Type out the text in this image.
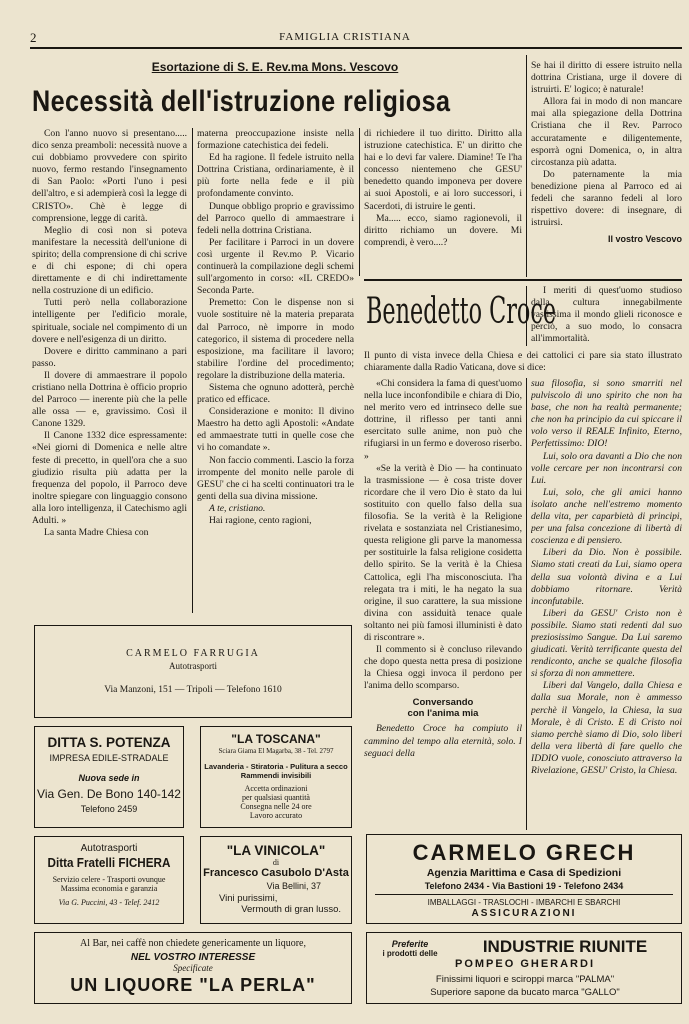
2	FAMIGLIA CRISTIANA
Esortazione di S. E. Rev.ma Mons. Vescovo
Necessità dell'istruzione religiosa

Con l'anno nuovo si presentano..... dico senza preamboli: necessità nuove a cui dobbiamo provvedere con spirito nuovo, fermo restando l'insegnamento di San Paolo: «Porti l'uno i pesi dell'altro, e si adempierà così la legge di CRISTO». Chè è legge di comprensione, legge di carità.

Meglio di così non si poteva manifestare la necessità dell'unione di spirito; della comprensione di chi scrive e di chi espone; di chi opera direttamente e di chi indirettamente nella costruzione di un edificio.

Tutti però nella collaborazione intelligente per l'edificio morale, spirituale, sociale nel compimento di un dovere e nell'esigenza di un diritto.

Dovere e diritto camminano a pari passo.

Il dovere di ammaestrare il popolo cristiano nella Dottrina è officio proprio del Parroco — inerente più che la pelle alle ossa — e, gravissimo. Così il Canone 1329.

Il Canone 1332 dice espressamente: «Nei giorni di Domenica e nelle altre feste di precetto, in quell'ora che a suo giudizio risulta più adatta per la frequenza del popolo, il Parroco deve inoltre spiegare con linguaggio consono alla loro intelligenza, il Catechismo agli Adulti. »

La santa Madre Chiesa con

materna preoccupazione insiste nella formazione catechistica dei fedeli.

Ed ha ragione. Il fedele istruito nella Dottrina Cristiana, ordinariamente, è il più forte nella fede e il più profondamente convinto.

Dunque obbligo proprio e gravissimo del Parroco quello di ammaestrare i fedeli nella dottrina Cristiana.

Per facilitare i Parroci in un dovere così urgente il Rev.mo P. Vicario continuerà la compilazione degli schemi sull'argomento in corso: «IL CREDO» Seconda Parte.

Premetto: Con le dispense non si vuole sostituire nè la materia preparata dal Parroco, nè imporre in modo categorico, il sistema di procedere nella esposizione, ma facilitare il lavoro; stabilire l'ordine del procedimento; regolare la distribuzione della materia.

Sistema che ognuno adotterà, perchè pratico ed efficace.

Considerazione e monito: Il divino Maestro ha detto agli Apostoli: «Andate ed ammaestrate tutti in quelle cose che vi ho comandate ».

Non faccio commenti. Lascio la forza irrompente del monito nelle parole di GESU' che ci ha scelti continuatori tra le genti della sua divina missione.

A te, cristiano.

Hai ragione, cento ragioni,

di richiedere il tuo diritto. Diritto alla istruzione catechistica. E' un diritto che hai e lo devi far valere. Diamine! Te l'ha concesso nientemeno che GESU' benedetto quando imponeva per dovere ai suoi Apostoli, e ai loro successori, i Sacerdoti, di istruire le genti.

Ma..... ecco, siamo ragionevoli, il diritto richiamo un dovere. Mi comprendi, è vero....?

Se hai il diritto di essere istruito nella dottrina Cristiana, urge il dovere di istruirti. E' logico; è naturale!

Allora fai in modo di non mancare mai alla spiegazione della Dottrina Cristiana che il Rev. Parroco accuratamente e diligentemente, esporrà ogni Domenica, o, in altra circostanza più adatta.

Do paternamente la mia benedizione piena al Parroco ed ai fedeli che saranno fedeli al loro rispettivo dovere: di insegnare, di istruirsi.

Il vostro Vescovo

Benedetto Croce

I meriti di quest'uomo studioso dalla cultura innegabilmente vastissima il mondo glieli riconosce e perciò, a suo modo, lo consacra all'immortalità.

Il punto di vista invece della Chiesa e dei cattolici ci pare sia stato illustrato chiaramente dalla Radio Vaticana, dove si dice:

«Chi considera la fama di quest'uomo nella luce inconfondibile e chiara di Dio, nel merito vero ed intrinseco delle sue dottrine, il riflesso per tanti anni esercitato sulle anime, non può che rifugiarsi in un fermo e doveroso riserbo. »

«Se la verità è Dio — ha continuato la trasmissione — è cosa triste dover ricordare che il vero Dio è stato da lui sostituito con quello falso della sua filosofia. Se la verità è la Religione rivelata e sostanziata nel Cristianesimo, questa religione gli parve la manomessa per sostituirle la falsa religione cosidetta dello spirito. Se la verità è la Chiesa Cattolica, egli l'ha misconosciuta. l'ha relegata tra i miti, le ha negato la sua origine, il suo carattere, la sua missione divina con assiduità tenace quale soltanto nei più famosi illuministi è dato di riscontrare ».

Il commento si è concluso rilevando che dopo questa netta presa di posizione la Chiesa oggi invoca il perdono per l'anima dello scomparso.

Conversando

con l'anima mia

Benedetto Croce ha compiuto il cammino del tempo alla eternità, solo. I seguaci della

sua filosofia, si sono smarriti nel pulviscolo di uno spirito che non ha base, che non ha realtà permanente; che non ha principio da cui spiccare il volo verso il REALE Infinito, Eterno, Perfettissimo: DIO!

Lui, solo ora davanti a Dio che non volle cercare per non incontrarsi con Lui.

Lui, solo, che gli amici hanno isolato anche nell'estremo momento della vita, per caparbietà di principi, per una falsa concezione di libertà di coscienza e di pensiero.

Liberi da Dio. Non è possibile. Siamo stati creati da Lui, siamo opera della sua volontà divina e a Lui dobbiamo ritornare. Verità inconfutabile.

Liberi da GESU' Cristo non è possibile. Siamo stati redenti dal suo preziosissimo Sangue. Da Lui saremo giudicati. Verità terrificante questa del rendiconto, anche se qualche filosofia si sforza di non ammettere.

Liberi dal Vangelo, dalla Chiesa e dalla sua Morale, non è ammesso perchè il Vangelo, la Chiesa, la sua Morale, è di Cristo. E di Cristo noi siamo perchè siamo di Dio, solo liberi della vera libertà di fare quello che IDDIO vuole, conosciuto attraverso la Rivelazione, GESU' Cristo, la Chiesa.

CARMELO FARRUGIA
Autotrasporti
Via Manzoni, 151 — Tripoli — Telefono 1610
DITTA S. POTENZA
IMPRESA EDILE-STRADALE
Nuova sede in
Via Gen. De Bono 140-142
Telefono 2459
"LA TOSCANA"
Sciara Giama El Magarba, 38 - Tel. 2797
Lavanderia - Stiratoria - Pulitura a secco
Rammendi invisibili
Accetta ordinazioni
per qualsiasi quantità
Consegna nelle 24 ore
Lavoro accurato
Autotrasporti
Ditta Fratelli FICHERA
Servizio celere - Trasporti ovunque
Massima economia e garanzia
Via G. Puccini, 43 - Telef. 2412
"LA VINICOLA"
di
Francesco Casubolo D'Asta
Via Bellini, 37
Vini purissimi,
Vermouth di gran lusso.
CARMELO GRECH
Agenzia Marittima e Casa di Spedizioni
Telefono 2434 - Via Bastioni 19 - Telefono 2434
IMBALLAGGI - TRASLOCHI - IMBARCHI E SBARCHI
ASSICURAZIONI
Al Bar, nei caffè non chiedete genericamente un liquore,
NEL VOSTRO INTERESSE
Specificate
UN LIQUORE "LA PERLA"
Preferite
i prodotti delle	INDUSTRIE RIUNITE
POMPEO GHERARDI
Finissimi liquori e sciroppi marca "PALMA"
Superiore sapone da bucato marca "GALLO"
